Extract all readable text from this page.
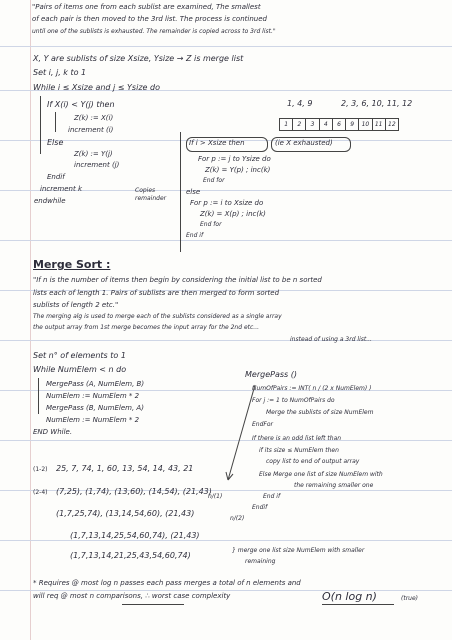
"Pairs of items one from each sublist are examined, The smallest
of each pair is then moved to the 3rd list. The process is continued
until one of the sublists is exhausted. The remainder is copied across to 3rd list."
X, Y are sublists of size Xsize, Ysize → Z is merge list
Set i, j, k to 1
While i ≤ Xsize and j ≤ Ysize do
If X(i) < Y(j) then
Z(k) := X(i)
increment (i)
Else
Z(k) := Y(j)
increment (j)
Endif
increment k
endwhile
Copies remainder
If i > Xsize then	(ie X exhausted)
For p := j to Ysize do
Z(k) = Y(p) ; inc(k)
End for
else
For p := i to Xsize do
Z(k) = X(p) ; inc(k)
End for
End if
1, 4, 9	2, 3, 6, 10, 11, 12
1	2	3	4	6	9	10 11 12
Merge Sort :
"If n is the number of items then begin by considering the initial list to be n sorted
lists each of length 1. Pairs of sublists are then merged to form sorted
sublists of length 2 etc."
The merging alg is used to merge each of the sublists considered as a single array
the output array from 1st merge becomes the input array for the 2nd etc...
instead of using a 3rd list...
Set n° of elements to 1
While NumElem < n do
MergePass (A, NumElem, B)
NumElem := NumElem * 2
MergePass (B, NumElem, A)
NumElem := NumElem * 2
END While.
MergePass ()
NumOfPairs := INT( n / (2 x NumElem) )
For j := 1 to NumOfPairs do
Merge the sublists of size NumElem
EndFor
If there is an odd list left than
if its size ≤ NumElem then
copy list to end of output array
Else Merge one list of size NumElem with
the remaining smaller one
End if
Endif
(1-2) 25, 7, 74, 1, 60, 13, 54, 14, 43, 21
(2-4) (7,25), (1,74), (13,60), (14,54), (21,43)
n/(1)
(1,7,25,74), (13,14,54,60), (21,43)
n/(2)
(1,7,13,14,25,54,60,74), (21,43)
(1,7,13,14,21,25,43,54,60,74)
} merge one list size NumElem with smaller
remaining
* Requires @ most log n passes each pass merges a total of n elements and
will req @ most n comparisons, ∴ worst case complexity	O(n log n)	(true)
